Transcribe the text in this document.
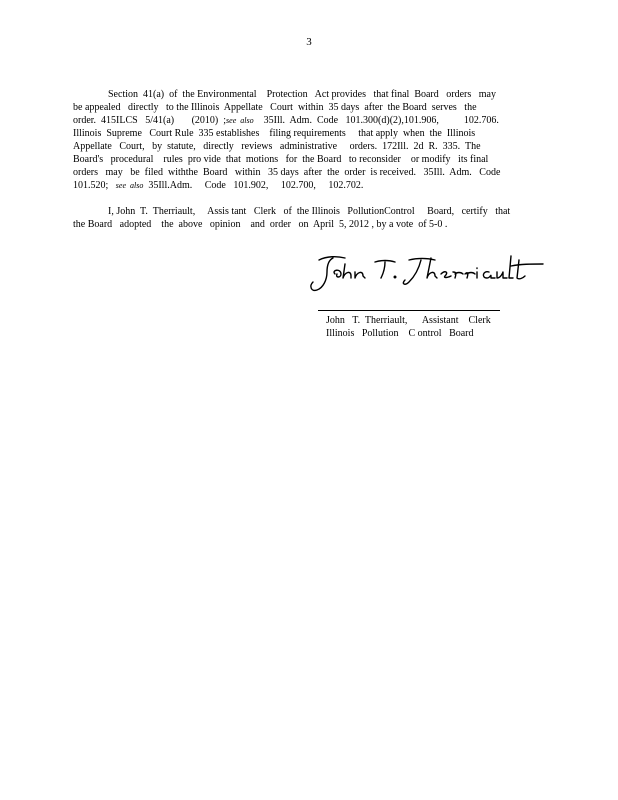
3
Section  41(a)  of  the Environmental    Protection   Act provides   that final  Board   orders   may
be appealed   directly   to the Illinois  Appellate   Court  within  35 days  after  the Board  serves   the
order.  415ILCS   5/41(a)       (2010)  ;see  also 35Ill.  Adm.  Code   101.300(d)(2),101.906,          102.706.
Illinois  Supreme   Court Rule  335 establishes    filing requirements     that apply  when  the  Illinois
Appellate   Court,   by  statute,   directly   reviews   administrative     orders.  172Ill.  2d  R.  335.  The
Board's   procedural    rules  pro vide  that  motions   for  the Board   to reconsider    or modify   its final
orders   may   be  filed  withthe  Board   within   35 days  after  the  order  is received.   35Ill.  Adm.   Code
101.520;   see  also  35Ill.Adm.     Code   101.902,     102.700,     102.702.
I, John  T.  Therriault,     Assis tant   Clerk   of  the Illinois   PollutionControl     Board,   certify   that
the Board   adopted    the  above   opinion    and  order   on  April  5, 2012 , by a vote  of 5-0 .
John   T.  Therriault,      Assistant    Clerk
Illinois   Pollution    C ontrol   Board
